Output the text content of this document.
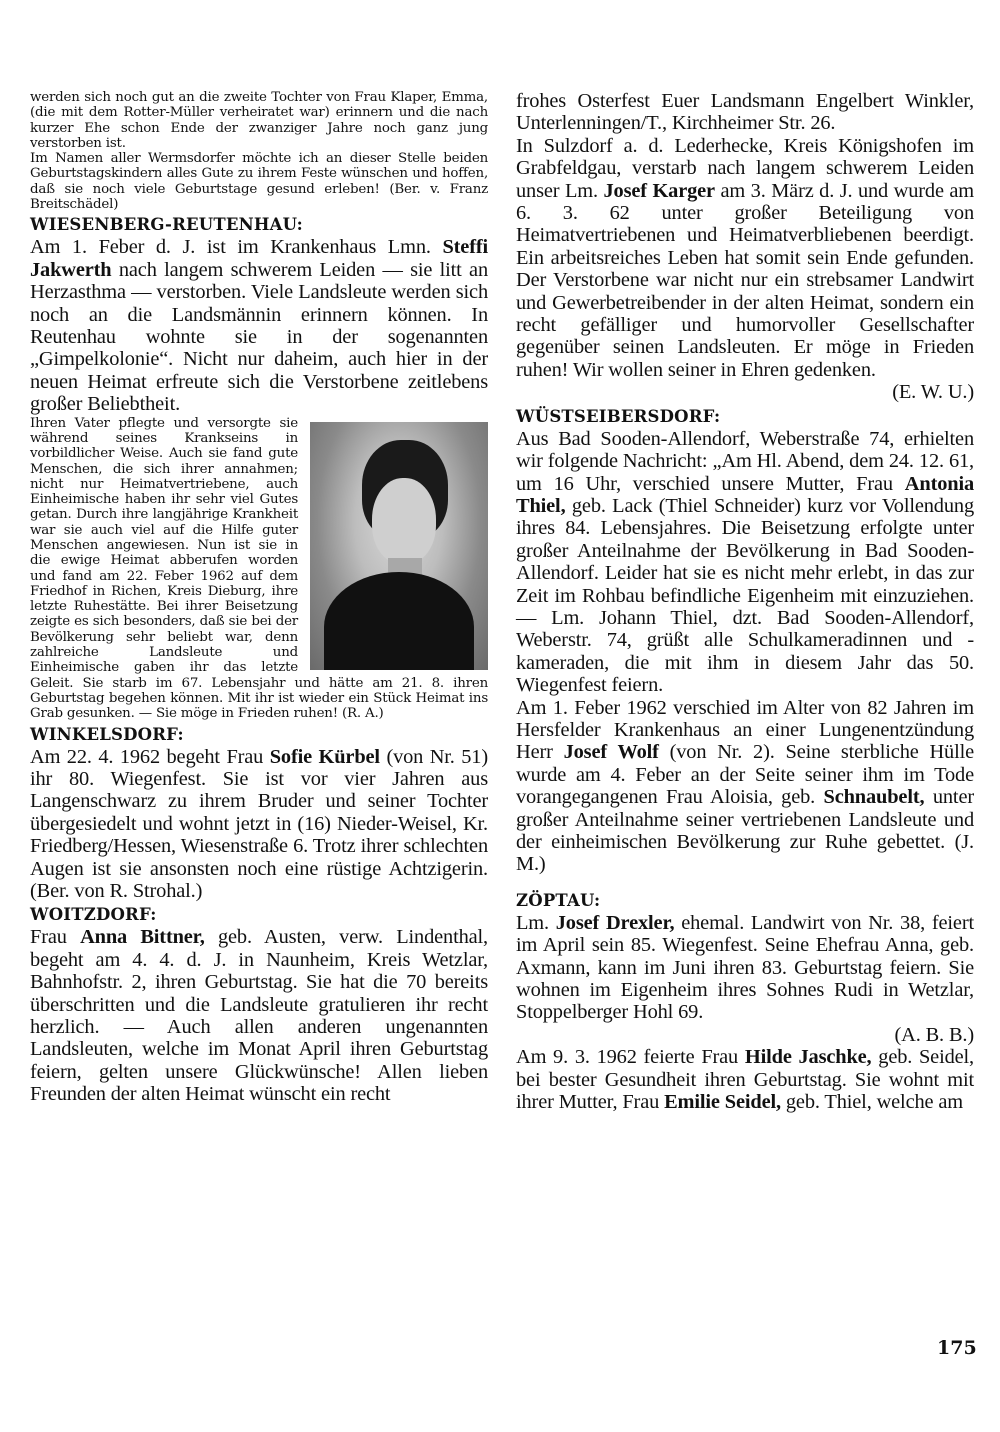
werden sich noch gut an die zweite Tochter von Frau Klaper, Emma, (die mit dem Rotter-Müller verheiratet war) erinnern und die nach kurzer Ehe schon Ende der zwanziger Jahre noch ganz jung verstorben ist.
Im Namen aller Wermsdorfer möchte ich an dieser Stelle beiden Geburtstagskindern alles Gute zu ihrem Feste wünschen und hoffen, daß sie noch viele Geburtstage gesund erleben! (Ber. v. Franz Breitschädel)
WIESENBERG-REUTENHAU:
Am 1. Feber d. J. ist im Krankenhaus Lmn. Steffi Jakwerth nach langem schwerem Leiden — sie litt an Herzasthma — verstorben. Viele Landsleute werden sich noch an die Landsmännin erinnern können. In Reutenhau wohnte sie in der sogenannten „Gimpelkolonie“. Nicht nur daheim, auch hier in der neuen Heimat erfreute sich die Verstorbene zeitlebens großer Beliebtheit.
Ihren Vater pflegte und versorgte sie während seines Krankseins in vorbildlicher Weise. Auch sie fand gute Menschen, die sich ihrer annahmen; nicht nur Heimatvertriebene, auch Einheimische haben ihr sehr viel Gutes getan. Durch ihre langjährige Krankheit war sie auch viel auf die Hilfe guter Menschen angewiesen. Nun ist sie in die ewige Heimat abberufen worden und fand am 22. Feber 1962 auf dem Friedhof in Richen, Kreis Dieburg, ihre letzte Ruhestätte. Bei ihrer Beisetzung zeigte es sich besonders, daß sie bei der Bevölkerung sehr beliebt war, denn zahlreiche Landsleute und Einheimische gaben ihr das letzte Geleit. Sie starb im 67. Lebensjahr und hätte am 21. 8. ihren Geburtstag begehen können. Mit ihr ist wieder ein Stück Heimat ins Grab gesunken. — Sie möge in Frieden ruhen! (R. A.)
WINKELSDORF:
Am 22. 4. 1962 begeht Frau Sofie Kürbel (von Nr. 51) ihr 80. Wiegenfest. Sie ist vor vier Jahren aus Langenschwarz zu ihrem Bruder und seiner Tochter übergesiedelt und wohnt jetzt in (16) Nieder-Weisel, Kr. Friedberg/Hessen, Wiesenstraße 6. Trotz ihrer schlechten Augen ist sie ansonsten noch eine rüstige Achtzigerin. (Ber. von R. Strohal.)
WOITZDORF:
Frau Anna Bittner, geb. Austen, verw. Lindenthal, begeht am 4. 4. d. J. in Naunheim, Kreis Wetzlar, Bahnhofstr. 2, ihren Geburtstag. Sie hat die 70 bereits überschritten und die Landsleute gratulieren ihr recht herzlich. — Auch allen anderen ungenannten Landsleuten, welche im Monat April ihren Geburtstag feiern, gelten unsere Glückwünsche! Allen lieben Freunden der alten Heimat wünscht ein recht
frohes Osterfest Euer Landsmann Engelbert Winkler, Unterlenningen/T., Kirchheimer Str. 26.
In Sulzdorf a. d. Lederhecke, Kreis Königshofen im Grabfeldgau, verstarb nach langem schwerem Leiden unser Lm. Josef Karger am 3. März d. J. und wurde am 6. 3. 62 unter großer Beteiligung von Heimatvertriebenen und Heimatverbliebenen beerdigt. Ein arbeitsreiches Leben hat somit sein Ende gefunden. Der Verstorbene war nicht nur ein strebsamer Landwirt und Gewerbetreibender in der alten Heimat, sondern ein recht gefälliger und humorvoller Gesellschafter gegenüber seinen Landsleuten. Er möge in Frieden ruhen! Wir wollen seiner in Ehren gedenken.
(E. W. U.)
WÜSTSEIBERSDORF:
Aus Bad Sooden-Allendorf, Weberstraße 74, erhielten wir folgende Nachricht: „Am Hl. Abend, dem 24. 12. 61, um 16 Uhr, verschied unsere Mutter, Frau Antonia Thiel, geb. Lack (Thiel Schneider) kurz vor Vollendung ihres 84. Lebensjahres. Die Beisetzung erfolgte unter großer Anteilnahme der Bevölkerung in Bad Sooden-Allendorf. Leider hat sie es nicht mehr erlebt, in das zur Zeit im Rohbau befindliche Eigenheim mit einzuziehen. — Lm. Johann Thiel, dzt. Bad Sooden-Allendorf, Weberstr. 74, grüßt alle Schulkameradinnen und -kameraden, die mit ihm in diesem Jahr das 50. Wiegenfest feiern.
Am 1. Feber 1962 verschied im Alter von 82 Jahren im Hersfelder Krankenhaus an einer Lungenentzündung Herr Josef Wolf (von Nr. 2). Seine sterbliche Hülle wurde am 4. Feber an der Seite seiner ihm im Tode vorangegangenen Frau Aloisia, geb. Schnaubelt, unter großer Anteilnahme seiner vertriebenen Landsleute und der einheimischen Bevölkerung zur Ruhe gebettet. (J. M.)
ZÖPTAU:
Lm. Josef Drexler, ehemal. Landwirt von Nr. 38, feiert im April sein 85. Wiegenfest. Seine Ehefrau Anna, geb. Axmann, kann im Juni ihren 83. Geburtstag feiern. Sie wohnen im Eigenheim ihres Sohnes Rudi in Wetzlar, Stoppelberger Hohl 69.
(A. B. B.)
Am 9. 3. 1962 feierte Frau Hilde Jaschke, geb. Seidel, bei bester Gesundheit ihren Geburtstag. Sie wohnt mit ihrer Mutter, Frau Emilie Seidel, geb. Thiel, welche am
175
